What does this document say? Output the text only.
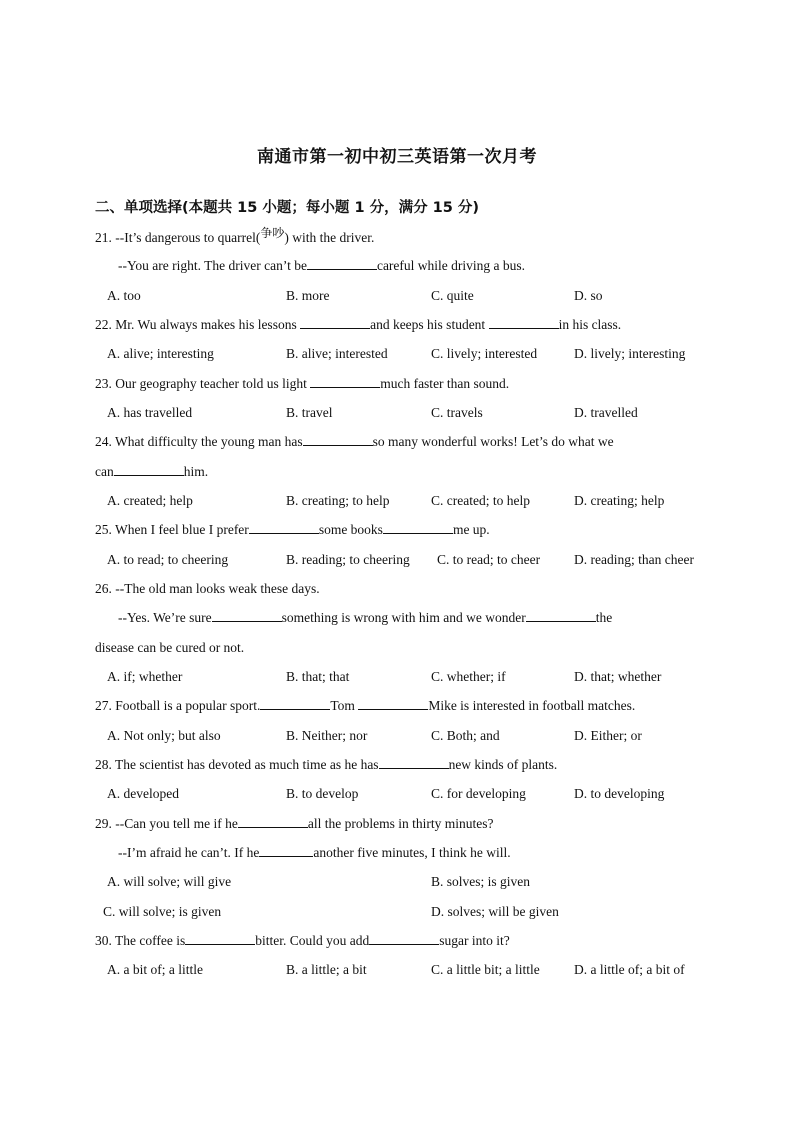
南通市第一初中初三英语第一次月考
二、单项选择(本题共 15 小题；每小题 1 分，满分 15 分)
21. --It’s dangerous to quarrel(争吵) with the driver.
--You are right. The driver can’t be	careful while driving a bus.
A. too	B. more	C. quite	D. so
22. Mr. Wu always makes his lessons	and keeps his student	in his class.
A. alive; interesting	B. alive; interested	C. lively; interested	D. lively; interesting
23. Our geography teacher told us light	much faster than sound.
A. has travelled	B. travel	C. travels	D. travelled
24. What difficulty the young man has	so many wonderful works! Let’s do what we
can	him.
A. created; help	B. creating; to help	C. created; to help	D. creating; help
25. When I feel blue I prefer	some books	me up.
A. to read; to cheering	B. reading; to cheering C. to read; to cheer	D. reading; than cheer
26. --The old man looks weak these days.
--Yes. We’re sure	something is wrong with him and we wonder	the
disease can be cured or not.
A. if; whether	B. that; that	C. whether; if	D. that; whether
27. Football is a popular sport.	Tom	Mike is interested in football matches.
A. Not only; but also	B. Neither; nor	C. Both; and	D. Either; or
28. The scientist has devoted as much time as he has	new kinds of plants.
A. developed	B. to develop	C. for developing	D. to developing
29. --Can you tell me if he	all the problems in thirty minutes?
--I’m afraid he can’t. If he	another five minutes, I think he will.
A. will solve; will give	B. solves; is given
C. will solve; is given	D. solves; will be given
30. The coffee is	bitter. Could you add	sugar into it?
A. a bit of; a little	B. a little; a bit	C. a little bit; a little	D. a little of; a bit of
